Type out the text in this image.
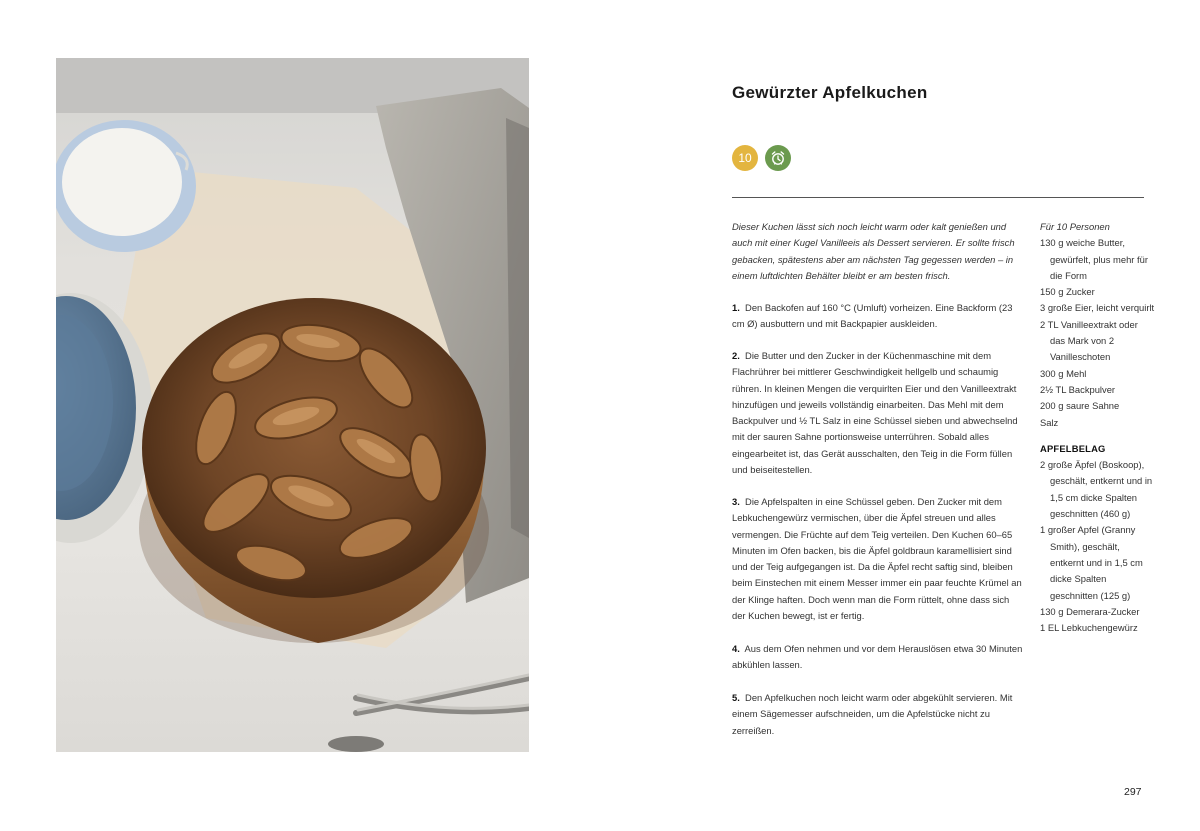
Gewürzter Apfelkuchen
10

Dieser Kuchen lässt sich noch leicht warm oder kalt genießen und auch mit einer Kugel Vanilleeis als Dessert servieren. Er sollte frisch gebacken, spätestens aber am nächsten Tag gegessen werden – in einem luftdichten Behälter bleibt er am besten frisch.

1. Den Backofen auf 160 °C (Umluft) vorheizen. Eine Backform (23 cm Ø) ausbuttern und mit Backpapier auskleiden.

2. Die Butter und den Zucker in der Küchenmaschine mit dem Flachrührer bei mittlerer Geschwindigkeit hellgelb und schaumig rühren. In kleinen Mengen die verquirlten Eier und den Vanilleextrakt hinzufügen und jeweils vollständig einarbeiten. Das Mehl mit dem Backpulver und ½ TL Salz in eine Schüssel sieben und abwechselnd mit der sauren Sahne portionsweise unterrühren. Sobald alles eingearbeitet ist, das Gerät ausschalten, den Teig in die Form füllen und beiseitestellen.

3. Die Apfelspalten in eine Schüssel geben. Den Zucker mit dem Lebkuchengewürz vermischen, über die Äpfel streuen und alles vermengen. Die Früchte auf dem Teig verteilen. Den Kuchen 60–65 Minuten im Ofen backen, bis die Äpfel goldbraun karamellisiert sind und der Teig aufgegangen ist. Da die Äpfel recht saftig sind, bleiben beim Einstechen mit einem Messer immer ein paar feuchte Krümel an der Klinge haften. Doch wenn man die Form rüttelt, ohne dass sich der Kuchen bewegt, ist er fertig.

4. Aus dem Ofen nehmen und vor dem Herauslösen etwa 30 Minuten abkühlen lassen.

5. Den Apfelkuchen noch leicht warm oder abgekühlt servieren. Mit einem Sägemesser aufschneiden, um die Apfelstücke nicht zu zerreißen.

Für 10 Personen
130 g weiche Butter, gewürfelt, plus mehr für die Form
150 g Zucker
3 große Eier, leicht verquirlt
2 TL Vanilleextrakt oder das Mark von 2 Vanilleschoten
300 g Mehl
2½ TL Backpulver
200 g saure Sahne
Salz
APFELBELAG
2 große Äpfel (Boskoop), geschält, entkernt und in 1,5 cm dicke Spalten geschnitten (460 g)
1 großer Apfel (Granny Smith), geschält, entkernt und in 1,5 cm dicke Spalten geschnitten (125 g)
130 g Demerara-Zucker
1 EL Lebkuchengewürz
297
